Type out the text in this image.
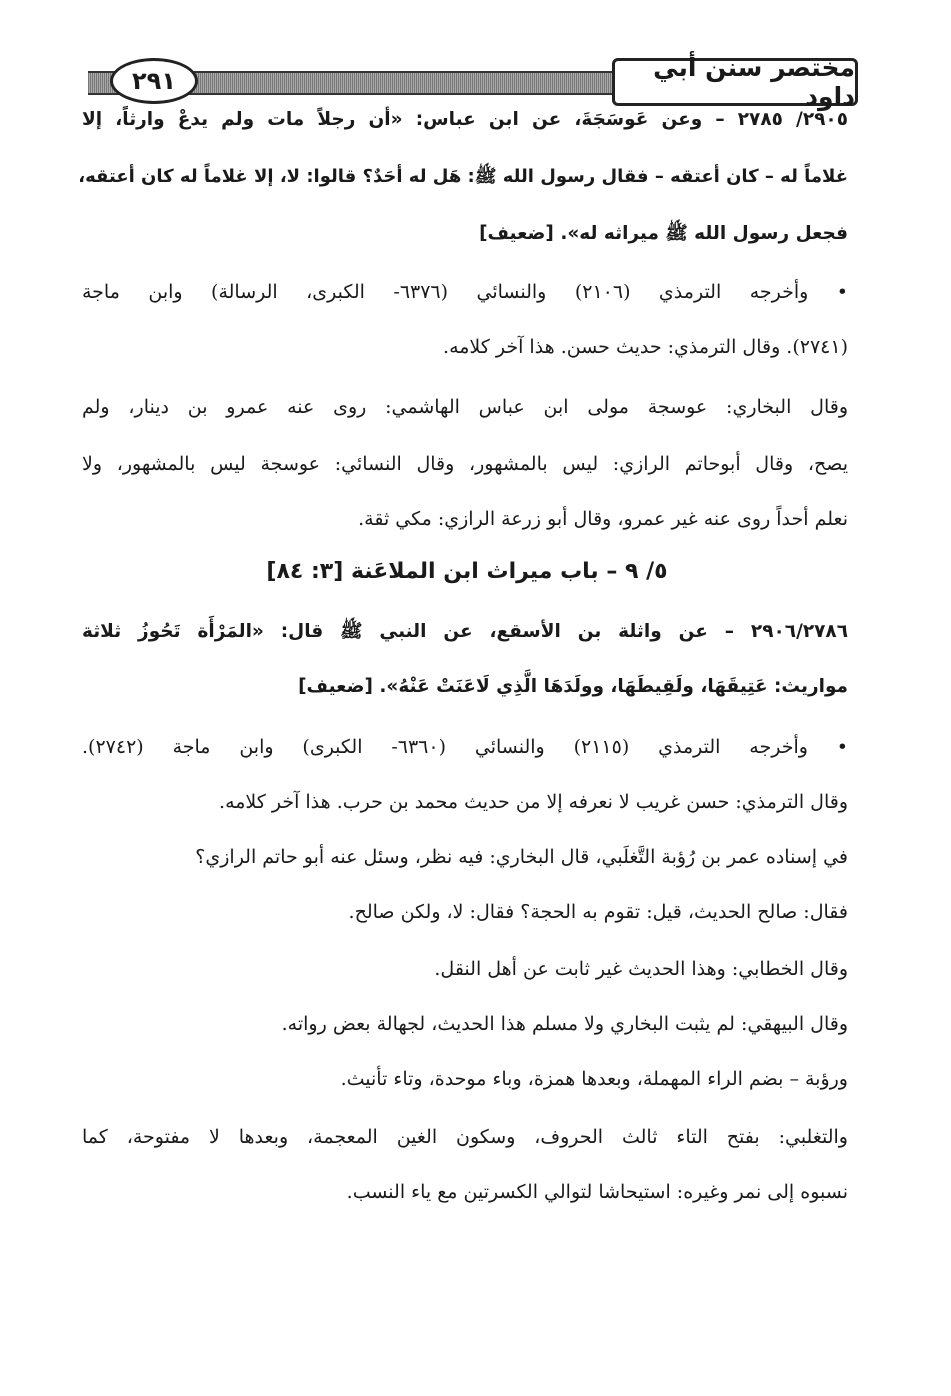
مختصر سنن أبي داود
٢٩١
٢٩٠٥/ ٢٧٨٥ – وعن عَوسَجَةَ، عن ابن عباس: «أن رجلاً مات ولم يدعْ وارثاً، إلا
غلاماً له – كان أعتقه – فقال رسول الله ﷺ: هَل له أحَدٌ؟ قالوا: لا، إلا غلاماً له كان أعتقه،
فجعل رسول الله ﷺ ميراثه له». [ضعيف]
• وأخرجه الترمذي (٢١٠٦) والنسائي (٦٣٧٦- الكبرى، الرسالة) وابن ماجة
(٢٧٤١). وقال الترمذي: حديث حسن. هذا آخر كلامه.
وقال البخاري: عوسجة مولى ابن عباس الهاشمي: روى عنه عمرو بن دينار، ولم
يصح، وقال أبوحاتم الرازي: ليس بالمشهور، وقال النسائي: عوسجة ليس بالمشهور، ولا
نعلم أحداً روى عنه غير عمرو، وقال أبو زرعة الرازي: مكي ثقة.
٥/ ٩ – باب ميراث ابن الملاعَنة [٣: ٨٤]
٢٩٠٦/٢٧٨٦ – عن واثلة بن الأسقع، عن النبي ﷺ قال: «المَرْأَة تَحُوزُ ثلاثة
مواريث: عَتِيقَهَا، ولَقِيطَهَا، وولَدَهَا الَّذِي لَاعَنَتْ عَنْهُ». [ضعيف]
• وأخرجه الترمذي (٢١١٥) والنسائي (٦٣٦٠- الكبرى) وابن ماجة (٢٧٤٢).
وقال الترمذي: حسن غريب لا نعرفه إلا من حديث محمد بن حرب. هذا آخر كلامه.
في إسناده عمر بن رُؤبة التَّغلَبي، قال البخاري: فيه نظر، وسئل عنه أبو حاتم الرازي؟
فقال: صالح الحديث، قيل: تقوم به الحجة؟ فقال: لا، ولكن صالح.
وقال الخطابي: وهذا الحديث غير ثابت عن أهل النقل.
وقال البيهقي: لم يثبت البخاري ولا مسلم هذا الحديث، لجهالة بعض رواته.
ورؤبة – بضم الراء المهملة، وبعدها همزة، وباء موحدة، وتاء تأنيث.
والتغلبي: بفتح التاء ثالث الحروف، وسكون الغين المعجمة، وبعدها لا مفتوحة، كما
نسبوه إلى نمر وغيره: استيحاشا لتوالي الكسرتين مع ياء النسب.
